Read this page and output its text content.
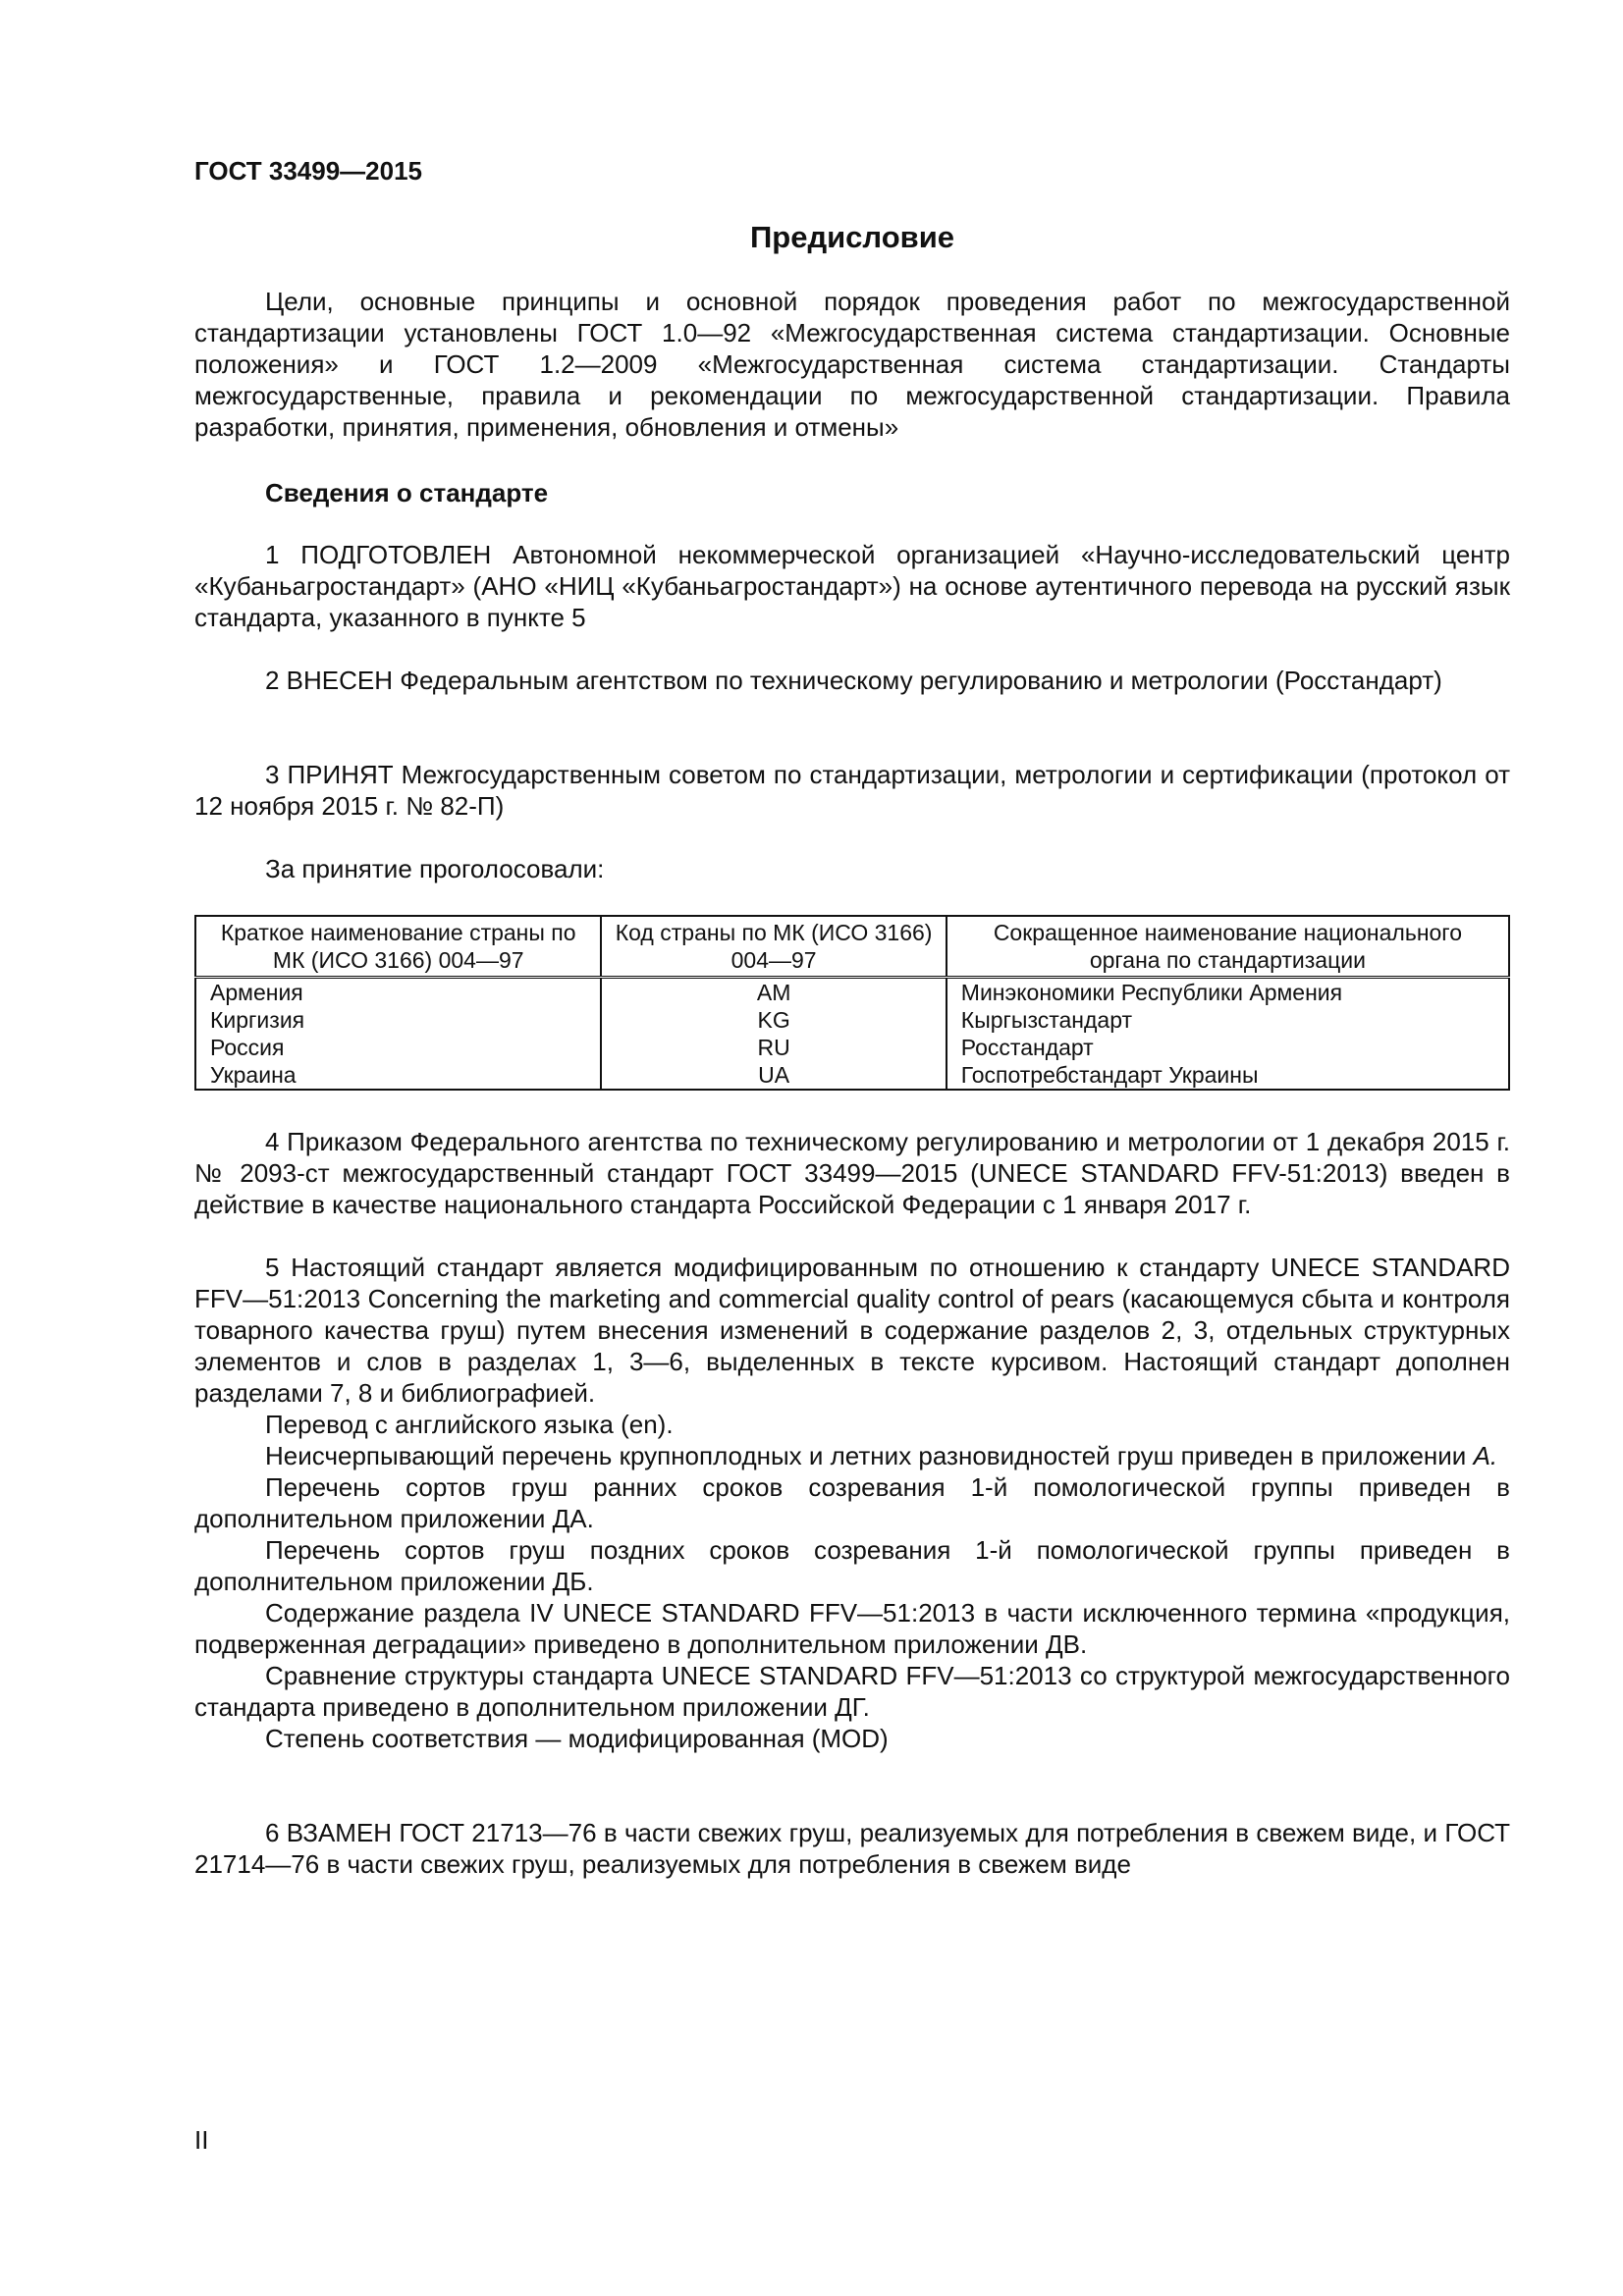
ГОСТ 33499—2015
Предисловие

Цели, основные принципы и основной порядок проведения работ по межгосударственной стандартизации установлены ГОСТ 1.0—92 «Межгосударственная система стандартизации. Основные положения» и ГОСТ 1.2—2009 «Межгосударственная система стандартизации. Стандарты межгосударственные, правила и рекомендации по межгосударственной стандартизации. Правила разработки, принятия, применения, обновления и отмены»

Сведения о стандарте

1 ПОДГОТОВЛЕН Автономной некоммерческой организацией «Научно-исследовательский центр «Кубаньагростандарт» (АНО «НИЦ «Кубаньагростандарт») на основе аутентичного перевода на русский язык стандарта, указанного в пункте 5

2 ВНЕСЕН Федеральным агентством по техническому регулированию и метрологии (Росстандарт)

3 ПРИНЯТ Межгосударственным советом по стандартизации, метрологии и сертификации (протокол от 12 ноября 2015 г. № 82-П)

За принятие проголосовали:

Краткое наименование страны по МК (ИСО 3166) 004—97	Код страны по МК (ИСО 3166) 004—97	Сокращенное наименование национального органа по стандартизации
Армения	AM	Минэкономики Республики Армения
Киргизия	KG	Кыргызстандарт
Россия	RU	Росстандарт
Украина	UA	Госпотребстандарт Украины

4 Приказом Федерального агентства по техническому регулированию и метрологии от 1 декабря 2015 г. № 2093-ст межгосударственный стандарт ГОСТ 33499—2015 (UNECE STANDARD FFV-51:2013) введен в действие в качестве национального стандарта Российской Федерации с 1 января 2017 г.

5 Настоящий стандарт является модифицированным по отношению к стандарту UNECE STANDARD FFV—51:2013 Concerning the marketing and commercial quality control of pears (касающемуся сбыта и контроля товарного качества груш) путем внесения изменений в содержание разделов 2, 3, отдельных структурных элементов и слов в разделах 1, 3—6, выделенных в тексте курсивом. Настоящий стандарт дополнен разделами 7, 8 и библиографией.

Перевод с английского языка (en).

Неисчерпывающий перечень крупноплодных и летних разновидностей груш приведен в приложении А.

Перечень сортов груш ранних сроков созревания 1-й помологической группы приведен в дополнительном приложении ДА.

Перечень сортов груш поздних сроков созревания 1-й помологической группы приведен в дополнительном приложении ДБ.

Содержание раздела IV UNECE STANDARD FFV—51:2013 в части исключенного термина «продукция, подверженная деградации» приведено в дополнительном приложении ДВ.

Сравнение структуры стандарта UNECE STANDARD FFV—51:2013 со структурой межгосударственного стандарта приведено в дополнительном приложении ДГ.

Степень соответствия — модифицированная (MOD)

6 ВЗАМЕН ГОСТ 21713—76 в части свежих груш, реализуемых для потребления в свежем виде, и ГОСТ 21714—76 в части свежих груш, реализуемых для потребления в свежем виде

II
